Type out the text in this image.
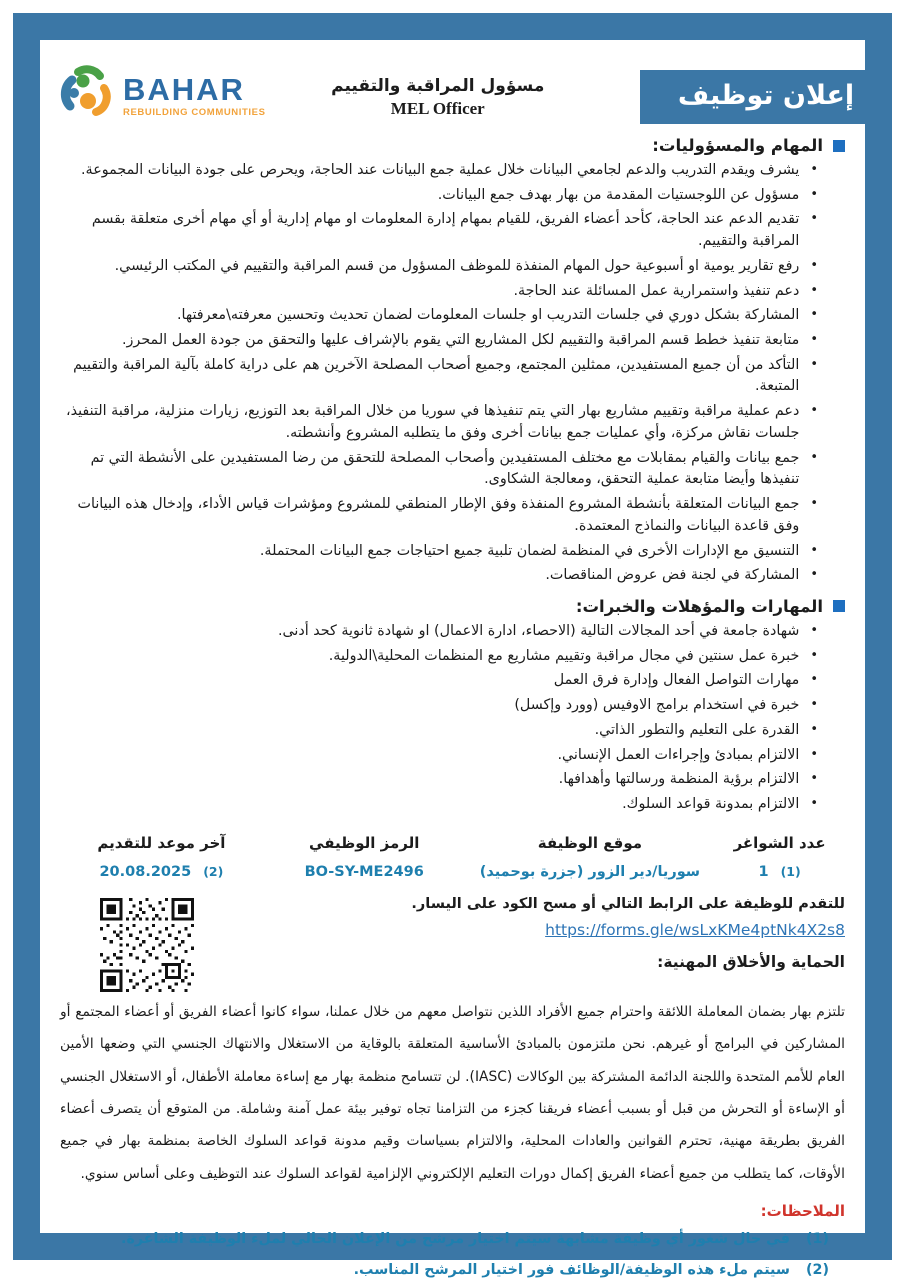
إعلان توظيف
مسؤول المراقبة والتقييم
MEL Officer
BAHAR
REBUILDING COMMUNITIES
المهام والمسؤوليات:
•
يشرف ويقدم التدريب والدعم لجامعي البيانات خلال عملية جمع البيانات عند الحاجة، ويحرص على جودة البيانات المجموعة.
•
مسؤول عن اللوجستيات المقدمة من بهار بهدف جمع البيانات.
•
تقديم الدعم عند الحاجة، كأحد أعضاء الفريق، للقيام بمهام إدارة المعلومات او مهام إدارية أو أي مهام أخرى متعلقة بقسم المراقبة والتقييم.
•
رفع تقارير يومية او أسبوعية حول المهام المنفذة للموظف المسؤول من قسم المراقبة والتقييم في المكتب الرئيسي.
•
دعم تنفيذ واستمرارية عمل المسائلة عند الحاجة.
•
المشاركة بشكل دوري في جلسات التدريب او جلسات المعلومات لضمان تحديث وتحسين معرفته\معرفتها.
•
متابعة تنفيذ خطط قسم المراقبة والتقييم لكل المشاريع التي يقوم بالإشراف عليها والتحقق من جودة العمل المحرز.
•
التأكد من أن جميع المستفيدين، ممثلين المجتمع، وجميع أصحاب المصلحة الآخرين هم على دراية كاملة بآلية المراقبة والتقييم المتبعة.
•
دعم عملية مراقبة وتقييم مشاريع بهار التي يتم تنفيذها في سوريا من خلال المراقبة بعد التوزيع، زيارات منزلية، مراقبة التنفيذ، جلسات نقاش مركزة، وأي عمليات جمع بيانات أخرى وفق ما يتطلبه المشروع وأنشطته.
•
جمع بيانات والقيام بمقابلات مع مختلف المستفيدين وأصحاب المصلحة للتحقق من رضا المستفيدين على الأنشطة التي تم تنفيذها وأيضا متابعة عملية التحقق، ومعالجة الشكاوى.
•
جمع البيانات المتعلقة بأنشطة المشروع المنفذة وفق الإطار المنطقي للمشروع ومؤشرات قياس الأداء، وإدخال هذه البيانات وفق قاعدة البيانات والنماذج المعتمدة.
•
التنسيق مع الإدارات الأخرى في المنظمة لضمان تلبية جميع احتياجات جمع البيانات المحتملة.
•
المشاركة في لجنة فض عروض المناقصات.
المهارات والمؤهلات والخبرات:
•
شهادة جامعة في أحد المجالات التالية (الاحصاء، ادارة الاعمال) او شهادة ثانوية كحد أدنى.
•
خبرة عمل سنتين في مجال مراقبة وتقييم مشاريع مع المنظمات المحلية\الدولية.
•
مهارات التواصل الفعال وإدارة فرق العمل
•
خبرة في استخدام برامج الاوفيس (وورد وإكسل)
•
القدرة على التعليم والتطور الذاتي.
•
الالتزام بمبادئ وإجراءات العمل الإنساني.
•
الالتزام برؤية المنظمة ورسالتها وأهدافها.
•
الالتزام بمدونة قواعد السلوك.
عدد الشواغر
موقع الوظيفة
الرمز الوظيفي
آخر موعد للتقديم
(1)
1
سوريا/دير الزور (جزرة بوحميد)
BO-SY-ME2496
(2)
20.08.2025
للتقدم للوظيفة على الرابط التالي أو مسح الكود على اليسار.
https://forms.gle/wsLxKMe4ptNk4X2s8
الحماية والأخلاق المهنية:
تلتزم بهار بضمان المعاملة اللائقة واحترام جميع الأفراد اللذين نتواصل معهم من خلال عملنا، سواء كانوا أعضاء الفريق أو أعضاء المجتمع أو المشاركين في البرامج أو غيرهم. نحن ملتزمون بالمبادئ الأساسية المتعلقة بالوقاية من الاستغلال والانتهاك الجنسي التي وضعها الأمين العام للأمم المتحدة واللجنة الدائمة المشتركة بين الوكالات (IASC). لن تتسامح منظمة بهار مع إساءة معاملة الأطفال، أو الاستغلال الجنسي أو الإساءة أو التحرش من قبل أو بسبب أعضاء فريقنا كجزء من التزامنا تجاه توفير بيئة عمل آمنة وشاملة. من المتوقع أن يتصرف أعضاء الفريق بطريقة مهنية، تحترم القوانين والعادات المحلية، والالتزام بسياسات وقيم مدونة قواعد السلوك الخاصة بمنظمة بهار في جميع الأوقات، كما يتطلب من جميع أعضاء الفريق إكمال دورات التعليم الإلكتروني الإلزامية لقواعد السلوك عند التوظيف وعلى أساس سنوي.
الملاحظات:
(1)
في حال شغور أي وظيفة مشابهة سيتم اختيار مرشح من الإعلان الحالي لملء الوظيفة الشاغرة.
(2)
سيتم ملء هذه الوظيفة/الوظائف فور اختيار المرشح المناسب.
